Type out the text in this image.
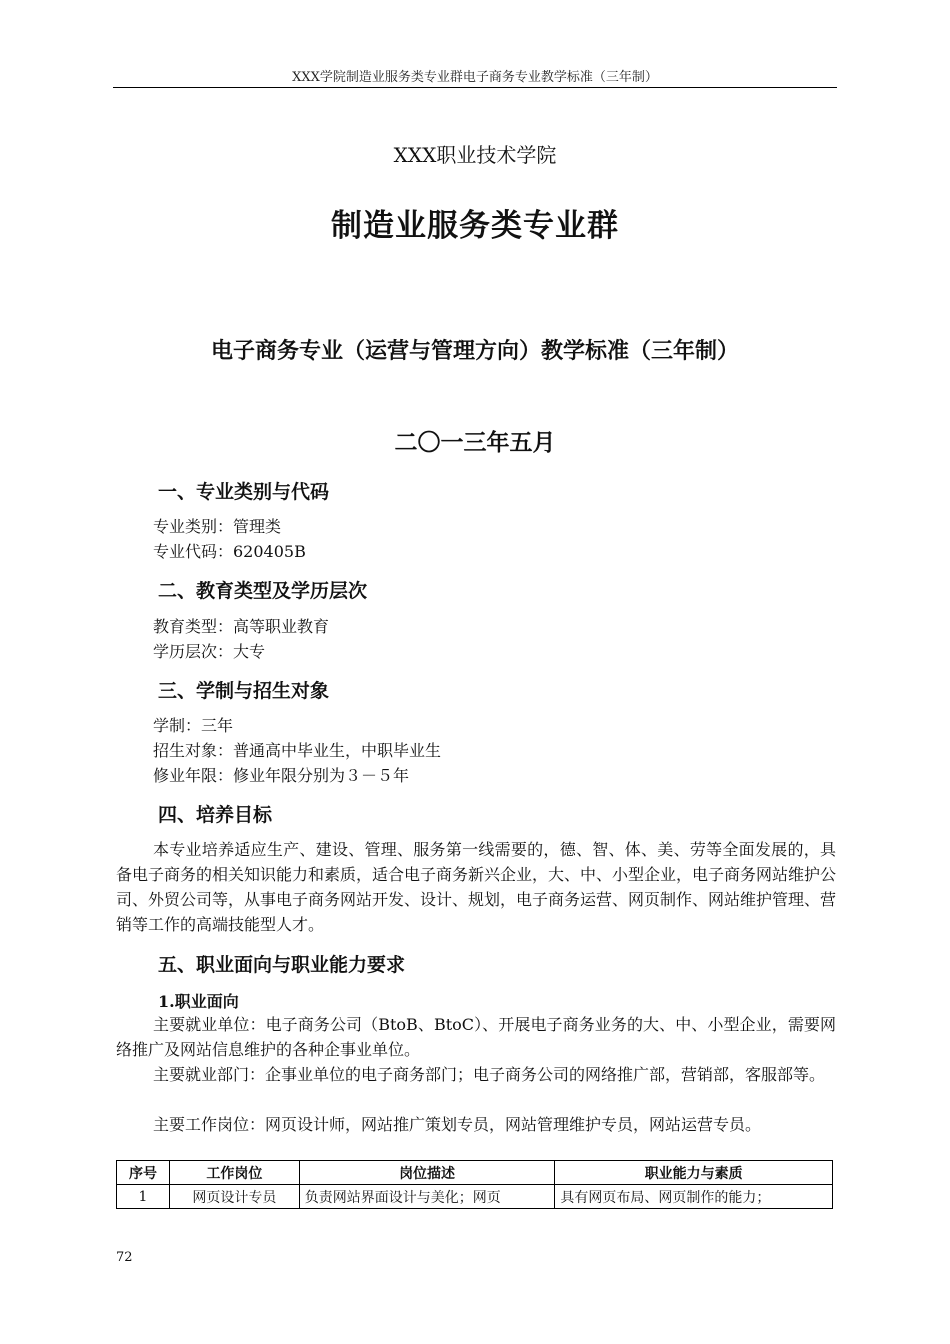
XXX学院制造业服务类专业群电子商务专业教学标准（三年制）
XXX职业技术学院
制造业服务类专业群
电子商务专业（运营与管理方向）教学标准（三年制）
二〇一三年五月
一、专业类别与代码
专业类别：管理类
专业代码：620405B
二、教育类型及学历层次
教育类型：高等职业教育
学历层次：大专
三、学制与招生对象
学制：三年
招生对象：普通高中毕业生，中职毕业生
修业年限：修业年限分别为３－５年
四、培养目标
本专业培养适应生产、建设、管理、服务第一线需要的，德、智、体、美、劳等全面发展的，具备电子商务的相关知识能力和素质，适合电子商务新兴企业，大、中、小型企业，电子商务网站维护公司、外贸公司等，从事电子商务网站开发、设计、规划，电子商务运营、网页制作、网站维护管理、营销等工作的高端技能型人才。
五、职业面向与职业能力要求
1.职业面向
主要就业单位：电子商务公司（BtoB、BtoC）、开展电子商务业务的大、中、小型企业，需要网络推广及网站信息维护的各种企事业单位。
主要就业部门：企事业单位的电子商务部门；电子商务公司的网络推广部，营销部，客服部等。
主要工作岗位：网页设计师，网站推广策划专员，网站管理维护专员，网站运营专员。
序号	工作岗位	岗位描述	职业能力与素质
1	网页设计专员	负责网站界面设计与美化；网页	具有网页布局、网页制作的能力；
72
